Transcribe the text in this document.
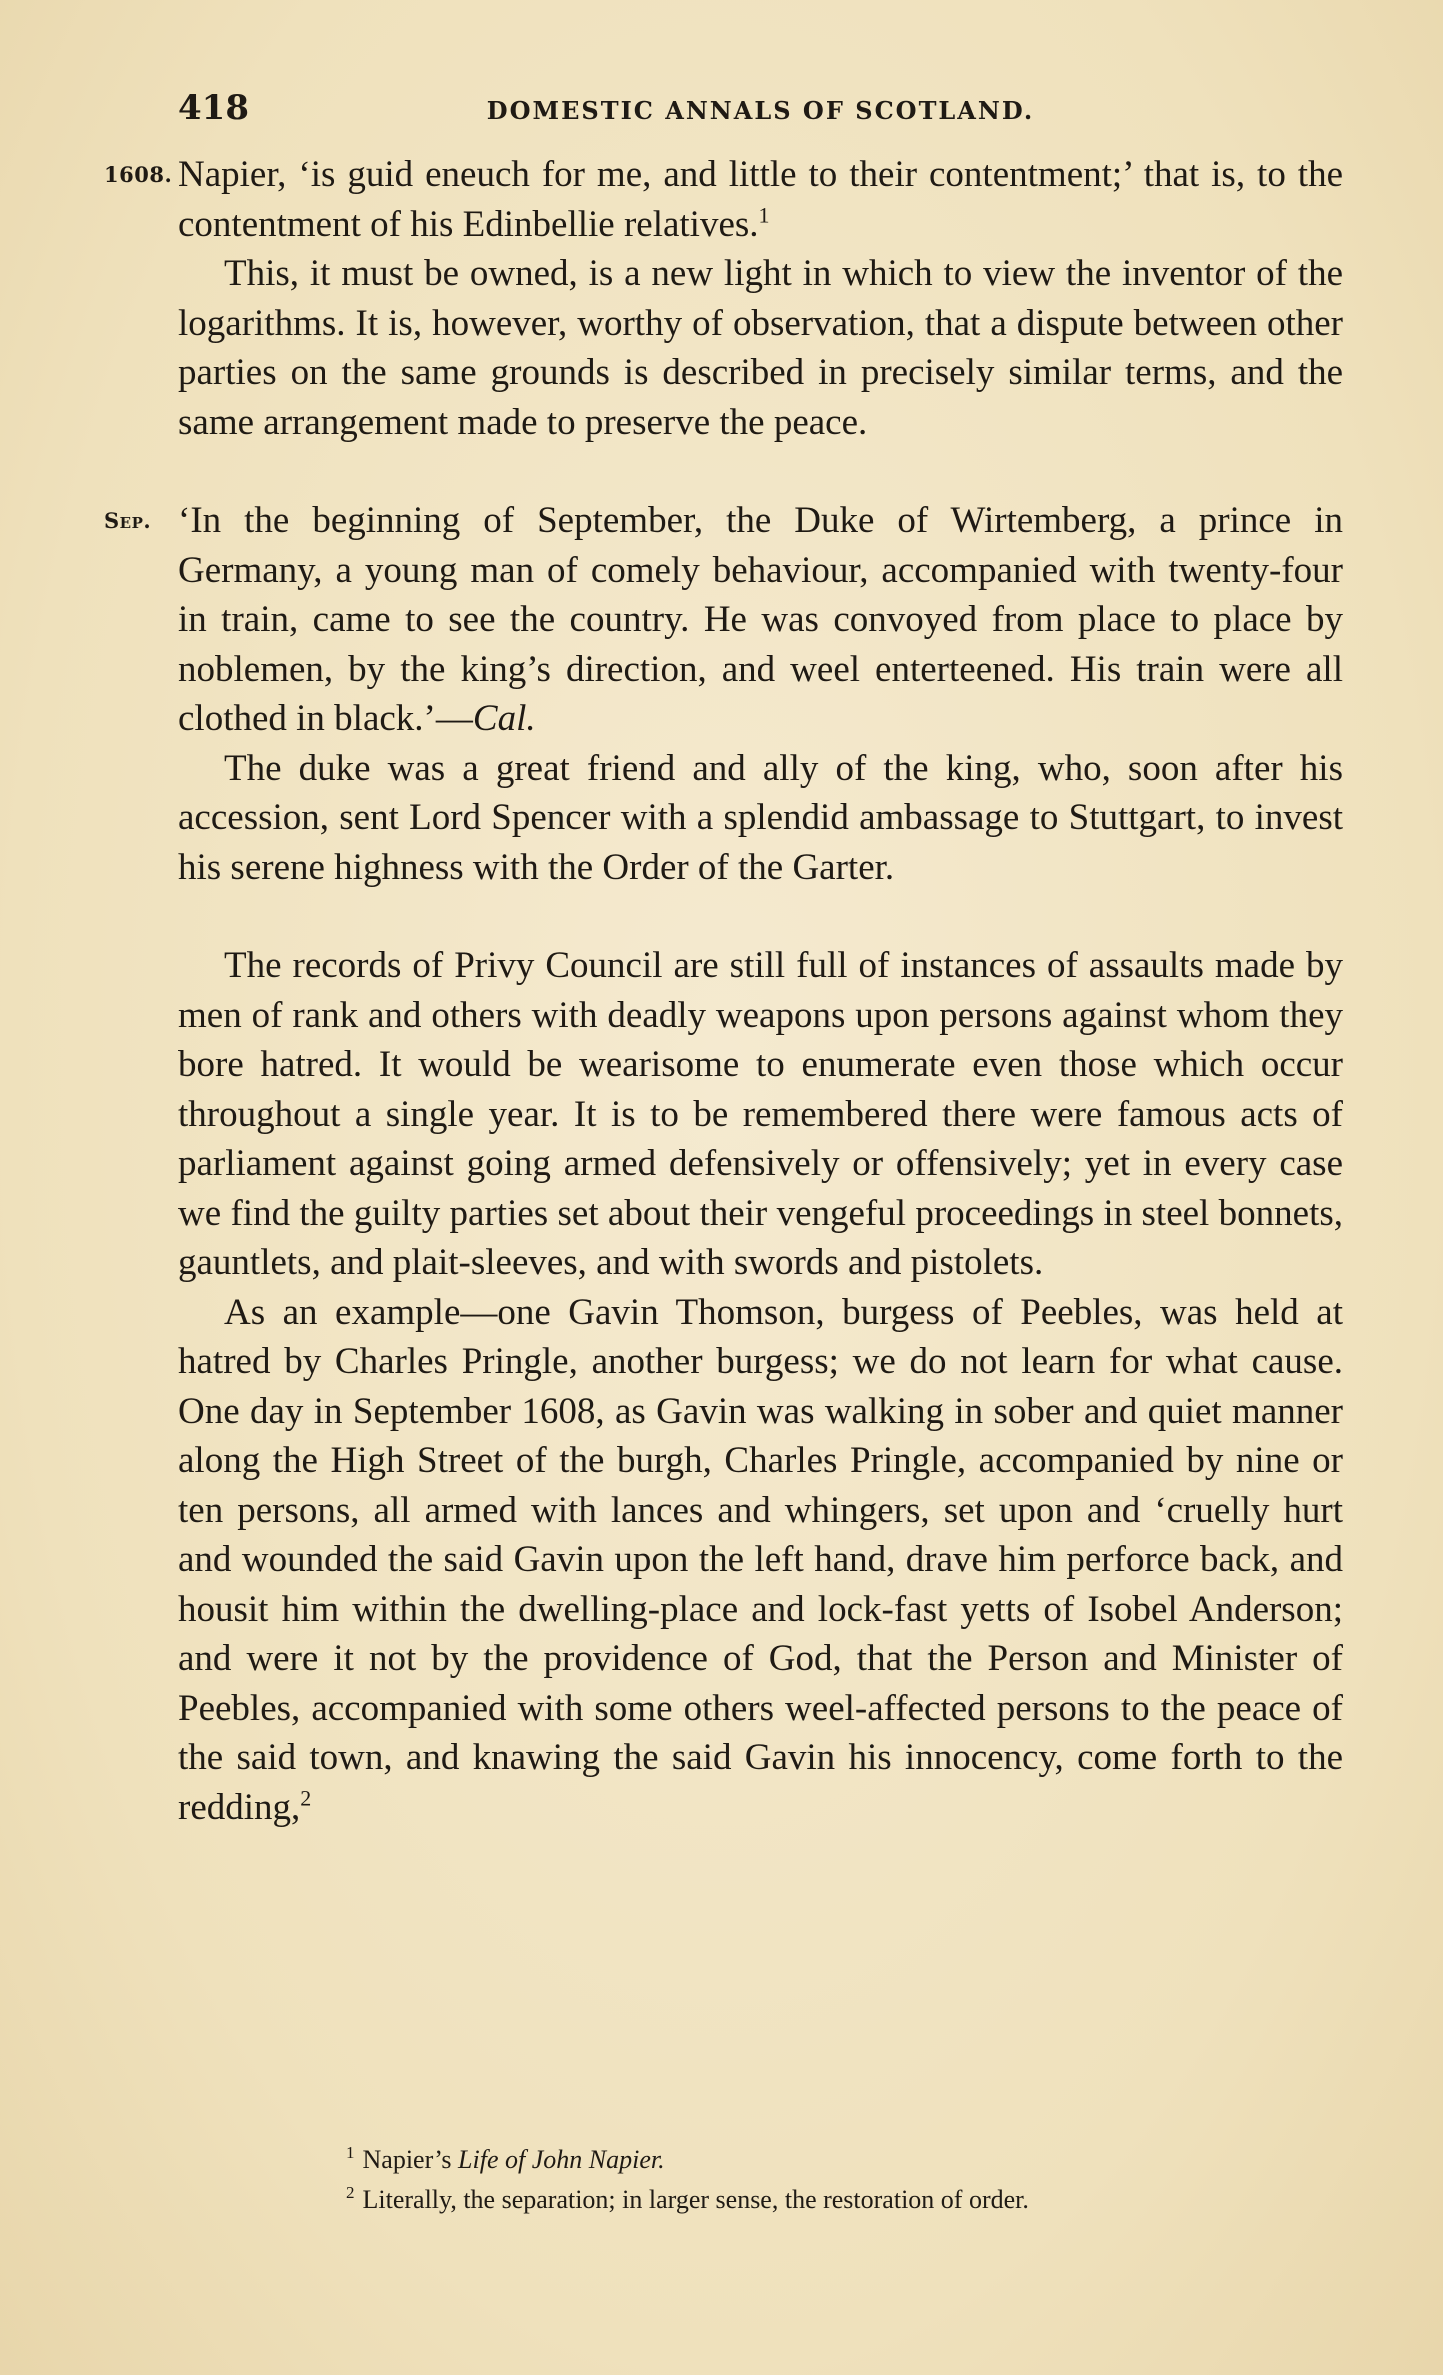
418	DOMESTIC ANNALS OF SCOTLAND.

1608. Napier, ‘is guid eneuch for me, and little to their contentment;’ that is, to the contentment of his Edinbellie relatives.$^1$

This, it must be owned, is a new light in which to view the inventor of the logarithms. It is, however, worthy of observation, that a dispute between other parties on the same grounds is described in precisely similar terms, and the same arrangement made to preserve the peace.

Sep. ‘In the beginning of September, the Duke of Wirtemberg, a prince in Germany, a young man of comely behaviour, accompanied with twenty-four in train, came to see the country. He was convoyed from place to place by noblemen, by the king’s direction, and weel enterteened. His train were all clothed in black.’—Cal.

The duke was a great friend and ally of the king, who, soon after his accession, sent Lord Spencer with a splendid ambassage to Stuttgart, to invest his serene highness with the Order of the Garter.

The records of Privy Council are still full of instances of assaults made by men of rank and others with deadly weapons upon persons against whom they bore hatred. It would be wearisome to enumerate even those which occur throughout a single year. It is to be remembered there were famous acts of parliament against going armed defensively or offensively; yet in every case we find the guilty parties set about their vengeful proceedings in steel bonnets, gauntlets, and plait-sleeves, and with swords and pistolets.

As an example—one Gavin Thomson, burgess of Peebles, was held at hatred by Charles Pringle, another burgess; we do not learn for what cause. One day in September 1608, as Gavin was walking in sober and quiet manner along the High Street of the burgh, Charles Pringle, accompanied by nine or ten persons, all armed with lances and whingers, set upon and ‘cruelly hurt and wounded the said Gavin upon the left hand, drave him perforce back, and housit him within the dwelling-place and lock-fast yetts of Isobel Anderson; and were it not by the providence of God, that the Person and Minister of Peebles, accompanied with some others weel-affected persons to the peace of the said town, and knawing the said Gavin his innocency, come forth to the redding,$^2$

$^1$ Napier’s Life of John Napier.

$^2$ Literally, the separation; in larger sense, the restoration of order.
